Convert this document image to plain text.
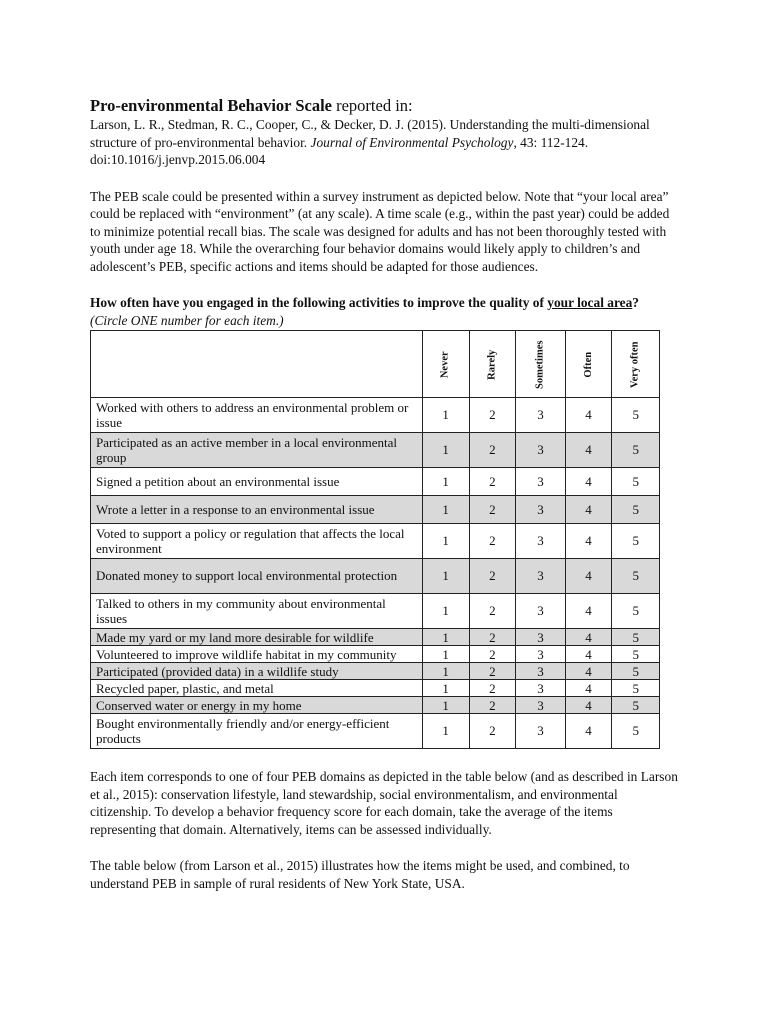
Pro-environmental Behavior Scale reported in:

Larson, L. R., Stedman, R. C., Cooper, C., & Decker, D. J. (2015). Understanding the multi-dimensional structure of pro-environmental behavior. Journal of Environmental Psychology, 43: 112-124. doi:10.1016/j.jenvp.2015.06.004

The PEB scale could be presented within a survey instrument as depicted below. Note that “your local area” could be replaced with “environment” (at any scale). A time scale (e.g., within the past year) could be added to minimize potential recall bias. The scale was designed for adults and has not been thoroughly tested with youth under age 18. While the overarching four behavior domains would likely apply to children’s and adolescent’s PEB, specific actions and items should be adapted for those audiences.

How often have you engaged in the following activities to improve the quality of your local area?

(Circle ONE number for each item.)

	Never	Rarely	Sometimes	Often	Very often
Worked with others to address an environmental problem or issue	1	2	3	4	5
Participated as an active member in a local environmental group	1	2	3	4	5
Signed a petition about an environmental issue	1	2	3	4	5
Wrote a letter in a response to an environmental issue	1	2	3	4	5
Voted to support a policy or regulation that affects the local environment	1	2	3	4	5
Donated money to support local environmental protection	1	2	3	4	5
Talked to others in my community about environmental issues	1	2	3	4	5
Made my yard or my land more desirable for wildlife	1	2	3	4	5
Volunteered to improve wildlife habitat in my community	1	2	3	4	5
Participated (provided data) in a wildlife study	1	2	3	4	5
Recycled paper, plastic, and metal	1	2	3	4	5
Conserved water or energy in my home	1	2	3	4	5
Bought environmentally friendly and/or energy-efficient products	1	2	3	4	5

Each item corresponds to one of four PEB domains as depicted in the table below (and as described in Larson et al., 2015): conservation lifestyle, land stewardship, social environmentalism, and environmental citizenship. To develop a behavior frequency score for each domain, take the average of the items representing that domain. Alternatively, items can be assessed individually.

The table below (from Larson et al., 2015) illustrates how the items might be used, and combined, to understand PEB in sample of rural residents of New York State, USA.
